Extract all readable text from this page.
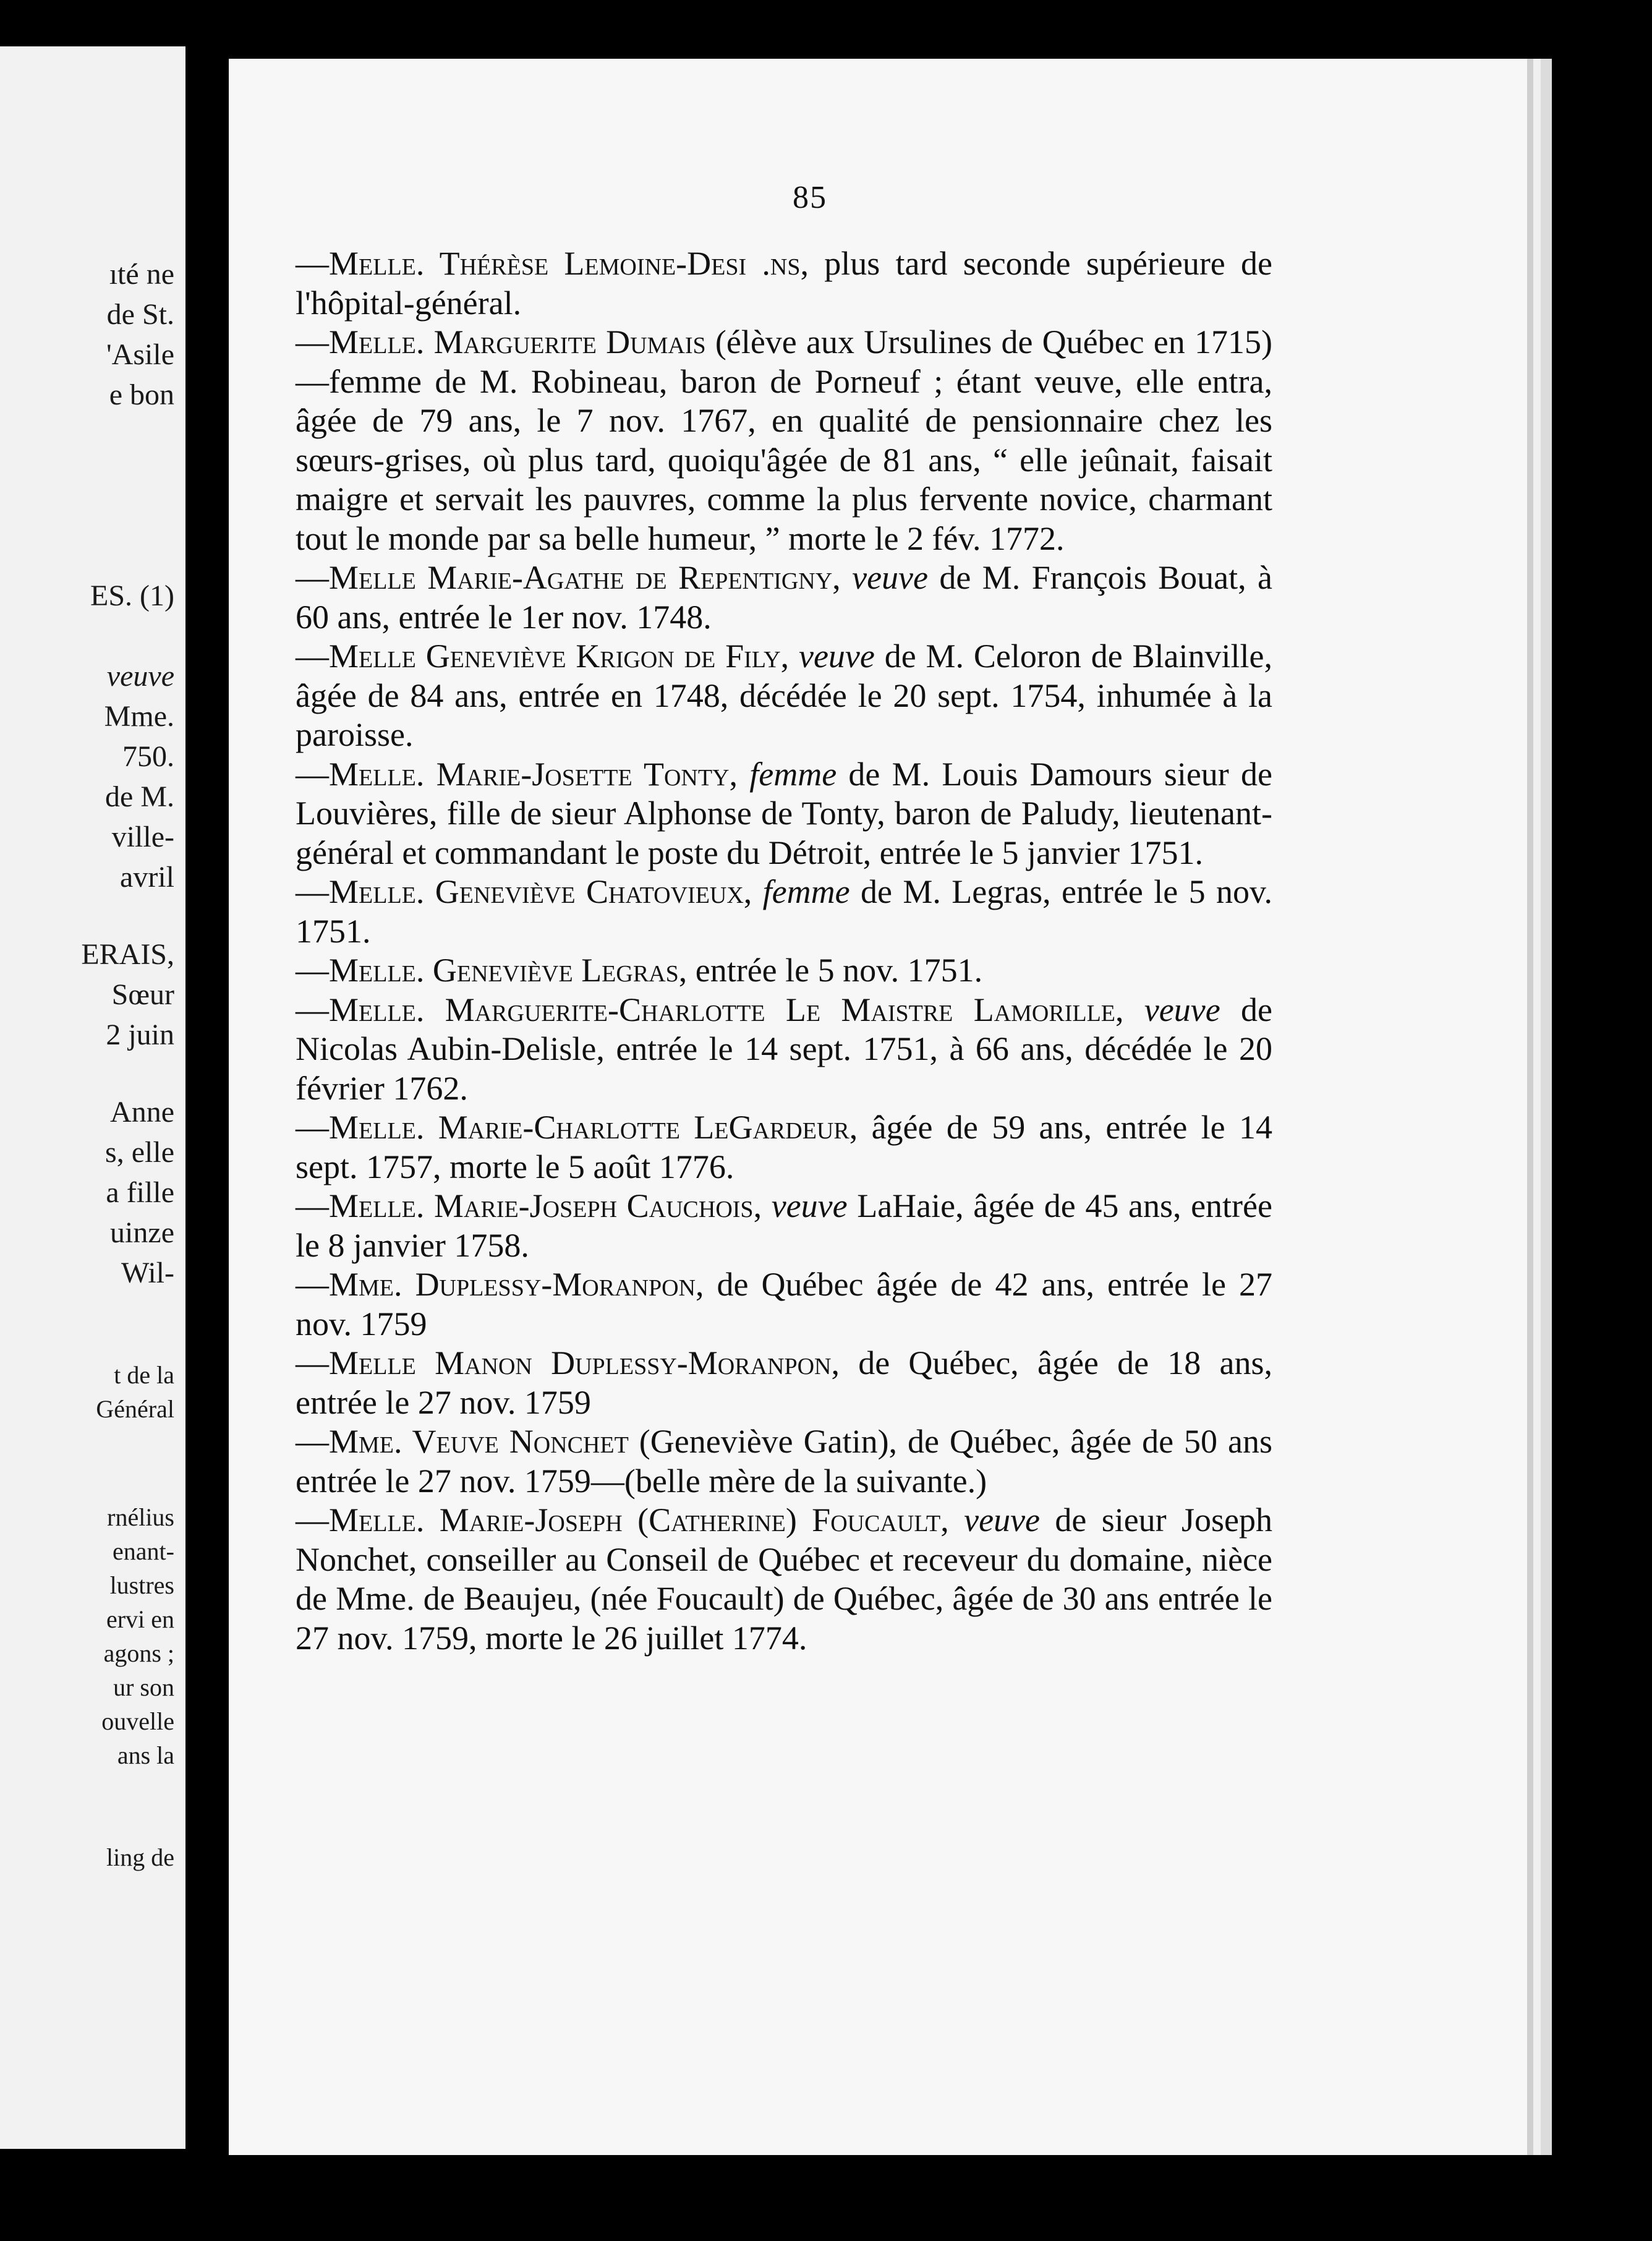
ıté ne
de St.
'Asile
e bon
ES. (1)
veuve
Mme.
750.
de M.
ville-
avril
ERAIS,
Sœur
2 juin
Anne
s, elle
a fille
uinze
Wil-
t de la
Général
rnélius
enant-
lustres
ervi en
agons ;
ur son
ouvelle
ans la
ling de
85

—Melle. Thérèse Lemoine-Desi .ns, plus tard seconde supérieure de l'hôpital-général.

—Melle. Marguerite Dumais (élève aux Ursulines de Québec en 1715)—femme de M. Robineau, baron de Porneuf ; étant veuve, elle entra, âgée de 79 ans, le 7 nov. 1767, en qualité de pensionnaire chez les sœurs-grises, où plus tard, quoiqu'âgée de 81 ans, “ elle jeûnait, faisait maigre et servait les pauvres, comme la plus fervente novice, charmant tout le monde par sa belle humeur, ” morte le 2 fév. 1772.

—Melle Marie-Agathe de Repentigny, veuve de M. François Bouat, à 60 ans, entrée le 1er nov. 1748.

—Melle Geneviève Krigon de Fily, veuve de M. Celoron de Blainville, âgée de 84 ans, entrée en 1748, décédée le 20 sept. 1754, inhumée à la paroisse.

—Melle. Marie-Josette Tonty, femme de M. Louis Damours sieur de Louvières, fille de sieur Alphonse de Tonty, baron de Paludy, lieutenant-général et commandant le poste du Détroit, entrée le 5 janvier 1751.

—Melle. Geneviève Chatovieux, femme de M. Legras, entrée le 5 nov. 1751.

—Melle. Geneviève Legras, entrée le 5 nov. 1751.

—Melle. Marguerite-Charlotte Le Maistre Lamorille, veuve de Nicolas Aubin-Delisle, entrée le 14 sept. 1751, à 66 ans, décédée le 20 février 1762.

—Melle. Marie-Charlotte LeGardeur, âgée de 59 ans, entrée le 14 sept. 1757, morte le 5 août 1776.

—Melle. Marie-Joseph Cauchois, veuve LaHaie, âgée de 45 ans, entrée le 8 janvier 1758.

—Mme. Duplessy-Moranpon, de Québec âgée de 42 ans, entrée le 27 nov. 1759

—Melle Manon Duplessy-Moranpon, de Québec, âgée de 18 ans, entrée le 27 nov. 1759

—Mme. Veuve Nonchet (Geneviève Gatin), de Québec, âgée de 50 ans entrée le 27 nov. 1759—(belle mère de la suivante.)

—Melle. Marie-Joseph (Catherine) Foucault, veuve de sieur Joseph Nonchet, conseiller au Conseil de Québec et receveur du domaine, nièce de Mme. de Beaujeu, (née Foucault) de Québec, âgée de 30 ans entrée le 27 nov. 1759, morte le 26 juillet 1774.
